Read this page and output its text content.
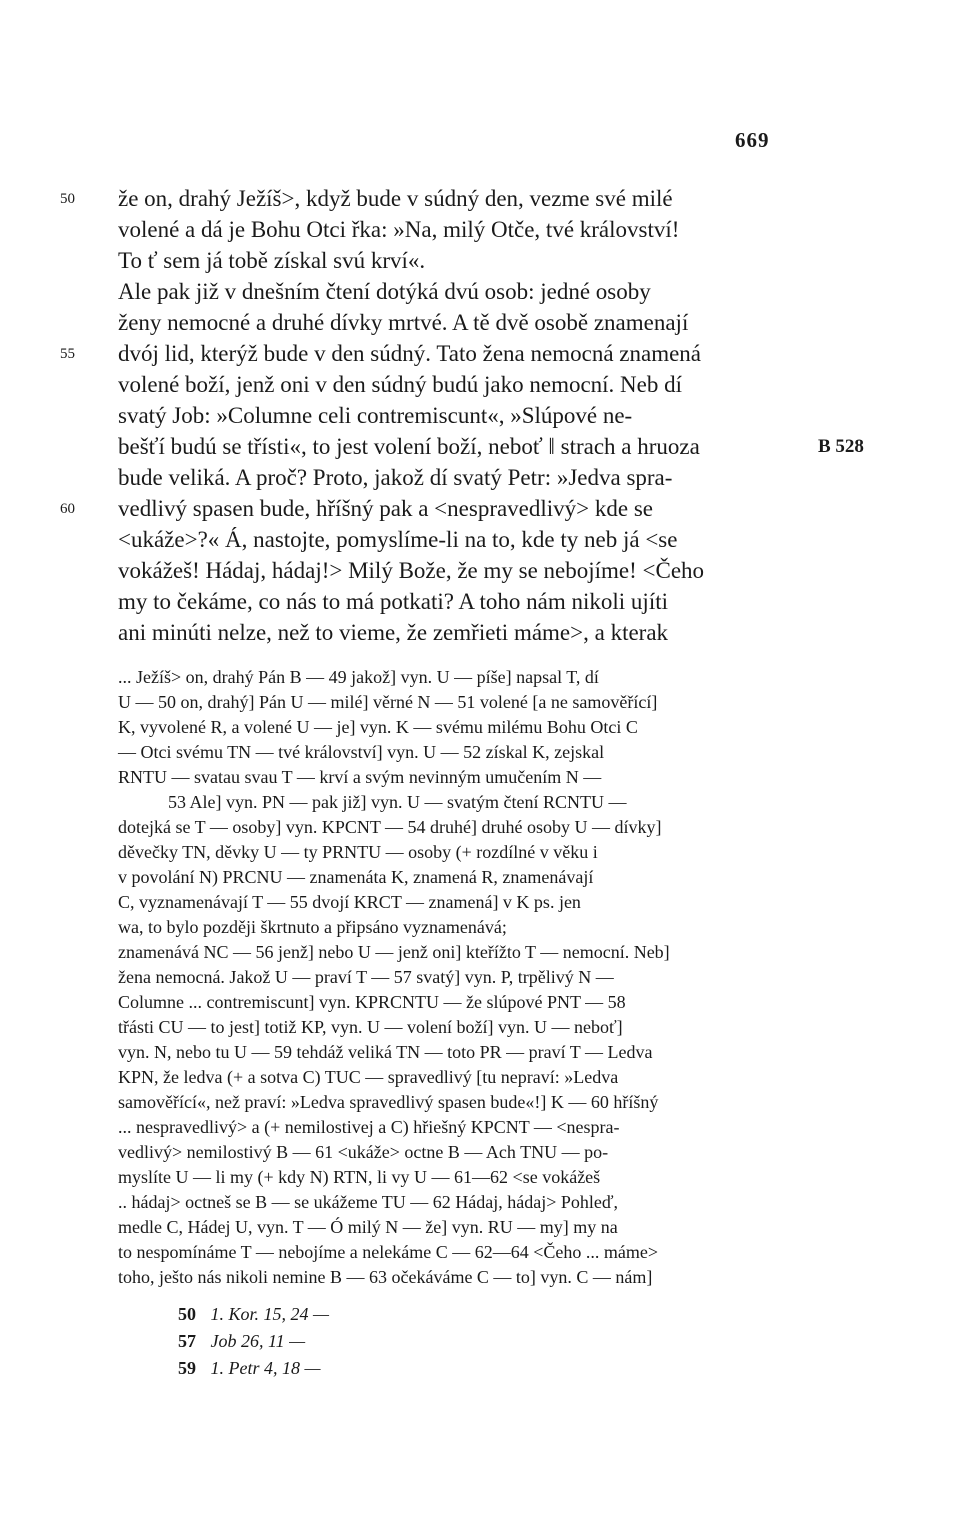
669
že on, drahý Ježíš>, když bude v súdný den, vezme své milé
50
volené a dá je Bohu Otci řka: »Na, milý Otče, tvé království!
To ť sem já tobě získal svú krví«.
Ale pak již v dnešním čtení dotýká dvú osob: jedné osoby
ženy nemocné a druhé dívky mrtvé. A tě dvě osobě znamenají
dvój lid, kterýž bude v den súdný. Tato žena nemocná znamená
55
volené boží, jenž oni v den súdný budú jako nemocní. Neb dí
svatý Job: »Columne celi contremiscunt«, »Slúpové ne-
bešťí budú se třísti«, to jest volení boží, neboť ‖ strach a hruoza	B 528
bude veliká. A proč? Proto, jakož dí svatý Petr: »Jedva spra-
vedlivý spasen bude, hříšný pak a <nespravedlivý> kde se
60
<ukáže>?« Á, nastojte, pomyslíme-li na to, kde ty neb já <se
vokážeš! Hádaj, hádaj!> Milý Bože, že my se nebojíme! <Čeho
my to čekáme, co nás to má potkati? A toho nám nikoli ujíti
ani minúti nelze, než to vieme, že zemřieti máme>, a kterak
... Ježíš> on, drahý Pán B — 49 jakož] vyn. U — píše] napsal T, dí
U — 50 on, drahý] Pán U — milé] věrné N — 51 volené [a ne samověřící]
K, vyvolené R, a volené U — je] vyn. K — svému milému Bohu Otci C
— Otci svému TN — tvé království] vyn. U — 52 získal K, zejskal
RNTU — svatau svau T — krví a svým nevinným umučením N —
53 Ale] vyn. PN — pak již] vyn. U — svatým čtení RCNTU —
dotejká se T — osoby] vyn. KPCNT — 54 druhé] druhé osoby U — dívky]
děvečky TN, děvky U — ty PRNTU — osoby (+ rozdílné v věku i
v povolání N) PRCNU — znamenáta K, znamená R, znamenávají
C, vyznamenávají T — 55 dvojí KRCT — znamená] v K ps. jen
wa, to bylo později škrtnuto a připsáno vyznamenává;
znamenává NC — 56 jenž] nebo U — jenž oni] kteřížto T — nemocní. Neb]
žena nemocná. Jakož U — praví T — 57 svatý] vyn. P, trpělivý N —
Columne ... contremiscunt] vyn. KPRCNTU — že slúpové PNT — 58
třásti CU — to jest] totiž KP, vyn. U — volení boží] vyn. U — neboť]
vyn. N, nebo tu U — 59 tehdáž veliká TN — toto PR — praví T — Ledva
KPN, že ledva (+ a sotva C) TUC — spravedlivý [tu nepraví: »Ledva
samověřící«, než praví: »Ledva spravedlivý spasen bude«!] K — 60 hříšný
... nespravedlivý> a (+ nemilostivej a C) hřiešný KPCNT — <nespra-
vedlivý> nemilostivý B — 61 <ukáže> octne B — Ach TNU — po-
myslíte U — li my (+ kdy N) RTN, li vy U — 61—62 <se vokážeš
.. hádaj> octneš se B — se ukážeme TU — 62 Hádaj, hádaj> Pohleď,
medle C, Hádej U, vyn. T — Ó milý N — že] vyn. RU — my] my na
to nespomínáme T — nebojíme a nelekáme C — 62—64 <Čeho ... máme>
toho, ješto nás nikoli nemine B — 63 očekáváme C — to] vyn. C — nám]
50 1. Kor. 15, 24 —
57 Job 26, 11 —
59 1. Petr 4, 18 —
